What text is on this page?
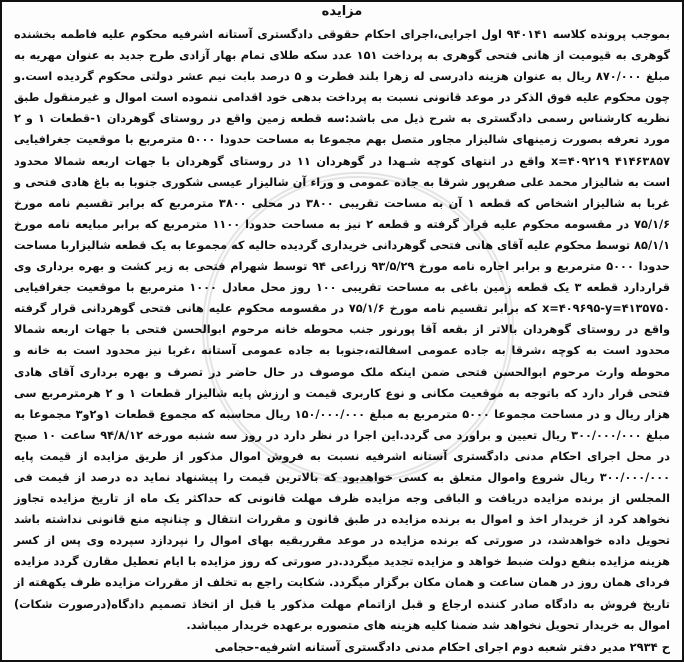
مزایده

بموجب پرونده کلاسه ۹۴۰۱۴۱ اول اجرایی،اجرای احکام حقوقی دادگستری آستانه اشرفیه محکوم علیه فاطمه بخشنده گوهری به قیومیت از هانی فتحی گوهری به پرداخت ۱۵۱ عدد سکه طلای تمام بهار آزادی طرح جدید به عنوان مهریه به مبلغ ۸۷۰/۰۰۰ ریال به عنوان هزینه دادرسی له زهرا بلند فطرت و ۵ درصد بابت نیم عشر دولتی محکوم گردیده است.و چون محکوم علیه فوق الذکر در موعد قانونی نسبت به پرداخت بدهی خود اقدامی ننموده است اموال و غیرمنقول طبق نظریه کارشناس رسمی دادگستری به شرح ذیل می باشد:سه قطعه زمین واقع در روستای گوهردان ۱-قطعات ۱ و ۲ مورد تعرفه بصورت زمینهای شالیزار مجاور متصل بهم مجموعا به مساحت حدودا ۵۰۰۰ مترمربع با موقعیت جغرافیایی x=۴۰۹۲۱۹ ۴۱۴۶۳۸۵۷ واقع در انتهای کوچه شـهدا در گوهردان ۱۱ در روستای گوهردان با جهات اربعه شمالا محدود است به شالیزار محمد علی صفرپور شرقا به جاده عمومی و وراء آن شالیزار عیسی شکوری جنوبا به باغ هادی فتحی و غربا به شالیزار اشخاص که قطعه ۱ آن به مساحت تقریبی ۳۸۰۰ در محلی ۳۸۰۰ مترمربع که برابر تقسیم نامه مورخ ۷۵/۱/۶ در مقسومه محکوم علیه قرار گرفته و قطعه ۲ نیز به مساحت حدودا ۱۱۰۰ مترمربع که برابر مبایعه نامه مورخ ۸۵/۱/۱ توسط محکوم علیه آقای هانی فتحی گوهردانی خریداری گردیده حالیه که مجموعا به یک قطعه شالیزاربا مساحت حدودا ۵۰۰۰ مترمربع و برابر اجاره نامه مورخ ۹۳/۵/۲۹ زراعی ۹۴ توسط شهرام فتحی به زیر کشت و بهره برداری وی قراردارد قطعه ۳ یک قطعه زمین باغی به مساحت تقریبی ۱۰۰ روز محل معادل ۱۰۰۰ مترمربع با موقعیت جغرافیایی x=۴۰۹۶۹۵-y=۴۱۳۵۷۵۰ که برابر تقسیم نامه مورخ ۷۵/۱/۶ در مقسومه محکوم علیه هانی فتحی گوهردانی قرار گرفته واقع در روستای گوهردان بالاتر از بقعه آقا پورنور جنب محوطه خانه مرحوم ابوالحسن فتحی با جهات اربعه شمالا محدود است به کوچه ،شرقا به جاده عمومی اسفالته،جنوبا به جاده عمومی آستانه ،غربا نیز محدود است به خانه و محوطه وارث مرحوم ابوالحسن فتحی ضمن اینکه ملک موصوف در حال حاضر در تصرف و بهره برداری آقای هادی فتحی قرار دارد که باتوجه به موقعیت مکانی و نوع کاربری قیمت و ارزش پایه شالیزار قطعات ۱ و ۲ هرمترمربع سی هزار ریال و در مساحت مجموعا ۵۰۰۰ مترمربع به مبلغ ۱۵۰/۰۰۰/۰۰۰ ریال محاسبه که مجموع قطعات ۱و۲و۳ مجموعا به مبلغ ۳۰۰/۰۰۰/۰۰۰ ریال تعیین و براورد می گردد.این اجرا در نظر دارد در روز سه شنبه مورخه ۹۴/۸/۱۲ ساعت ۱۰ صبح در محل اجرای احکام مدنی دادگستری آستانه اشرفیه نسبت به فروش اموال مذکور از طریق مزایده از قیمت پایه ۳۰۰/۰۰۰/۰۰۰ ریال شروع واموال متعلق به کسی خواهدبود که بالاترین قیمت را پیشنهاد نماید ده درصد از قیمت فی المجلس از برنده مزایده دریافت و الباقی وجه مزایده ظرف مهلت قانونی که حداکثر یک ماه از تاریخ مزایده تجاوز نخواهد کرد از خریدار اخذ و اموال به برنده مزایده در طبق قانون و مقررات انتقال و چنانچه منع قانونی نداشته باشد تحویل داده خواهدشد، در صورتی که برنده مزایده در موعد مقرربقیه بهای اموال را نپردازد سپرده وی پس از کسر هزینه مزایده بنفع دولت ضبط خواهد و مزایده تجدید میگردد.در صورتی که روز مزایده با ایام تعطیل مقارن گردد مزایده فردای همان روز در همان ساعت و همان مکان برگزار میگردد. شکایت راجع به تخلف از مقررات مزایده ظرف یکهفته از تاریخ فروش به دادگاه صادر کننده ارجاع و قبل ازاتمام مهلت مذکور یا قبل از اتخاذ تصمیم دادگاه(درصورت شکات) اموال به خریدار تحویل نخواهد شد ضمنا کلیه هزینه های متصوره برعهده خریدار میباشد.

ح ۲۹۳۴ مدیر دفتر شعبه دوم اجرای احکام مدنی دادگستری آستانه اشرفیه-حجامی
